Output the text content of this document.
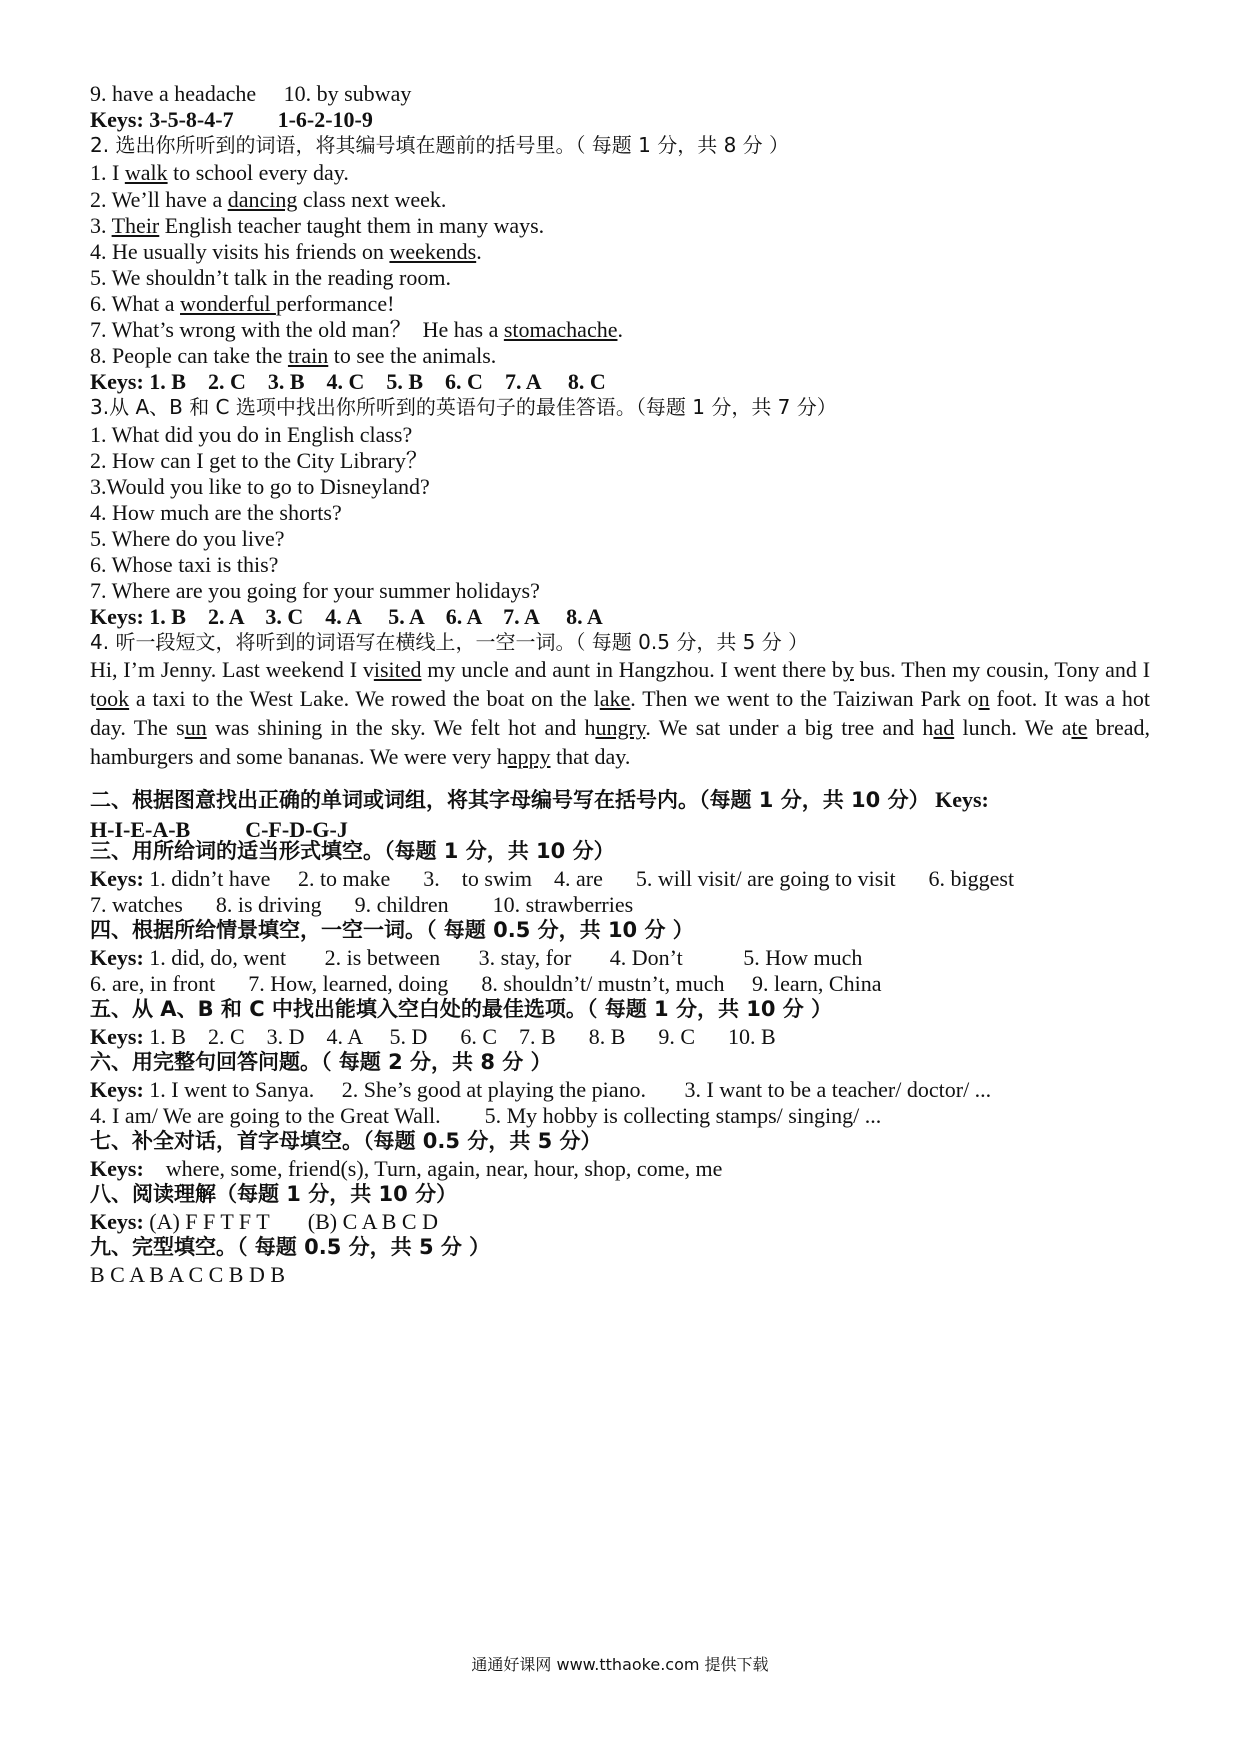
9. have a headache     10. by subway
Keys: 3-5-8-4-7        1-6-2-10-9
2. 选出你所听到的词语，将其编号填在题前的括号里。（ 每题 1 分，共 8 分 ）
1. I walk to school every day.
2. We’ll have a dancing class next week.
3. Their English teacher taught them in many ways.
4. He usually visits his friends on weekends.
5. We shouldn’t talk in the reading room.
6. What a wonderful performance!
7. What’s wrong with the old man？  He has a stomachache.
8. People can take the train to see the animals.
Keys: 1. B    2. C    3. B    4. C    5. B    6. C    7. A     8. C
3.从 A、B 和 C 选项中找出你所听到的英语句子的最佳答语。（每题 1 分，共 7 分）
1. What did you do in English class?
2. How can I get to the City Library？
3.Would you like to go to Disneyland?
4. How much are the shorts?
5. Where do you live?
6. Whose taxi is this?
7. Where are you going for your summer holidays?
Keys: 1. B    2. A    3. C    4. A     5. A    6. A    7. A     8. A
4. 听一段短文，将听到的词语写在横线上，一空一词。（ 每题 0.5 分，共 5 分 ）
Hi, I’m Jenny. Last weekend I visited my uncle and aunt in Hangzhou. I went there by bus. Then my cousin, Tony and I took a taxi to the West Lake. We rowed the boat on the lake. Then we went to the Taiziwan Park on foot. It was a hot day. The sun was shining in the sky. We felt hot and hungry. We sat under a big tree and had lunch. We ate bread, hamburgers and some bananas. We were very happy that day.
二、根据图意找出正确的单词或词组，将其字母编号写在括号内。（每题 1 分，共 10 分） Keys:
H-I-E-A-B          C-F-D-G-J
三、用所给词的适当形式填空。（每题 1 分，共 10 分）
Keys: 1. didn’t have     2. to make      3.    to swim    4. are      5. will visit/ are going to visit      6. biggest
7. watches      8. is driving      9. children        10. strawberries
四、根据所给情景填空，一空一词。（ 每题 0.5 分，共 10 分 ）
Keys: 1. did, do, went       2. is between       3. stay, for       4. Don’t           5. How much
6. are, in front      7. How, learned, doing      8. shouldn’t/ mustn’t, much     9. learn, China
五、从 A、B 和 C 中找出能填入空白处的最佳选项。（ 每题 1 分，共 10 分 ）
Keys: 1. B    2. C    3. D    4. A     5. D      6. C    7. B      8. B      9. C      10. B
六、用完整句回答问题。（ 每题 2 分，共 8 分 ）
Keys: 1. I went to Sanya.     2. She’s good at playing the piano.       3. I want to be a teacher/ doctor/ ...
4. I am/ We are going to the Great Wall.        5. My hobby is collecting stamps/ singing/ ...
七、补全对话，首字母填空。（每题 0.5 分，共 5 分）
Keys:    where, some, friend(s), Turn, again, near, hour, shop, come, me
八、阅读理解（每题 1 分，共 10 分）
Keys: (A) F F T F T       (B) C A B C D
九、完型填空。（ 每题 0.5 分，共 5 分 ）
B C A B A C C B D B
通通好课网 www.tthaoke.com 提供下载
